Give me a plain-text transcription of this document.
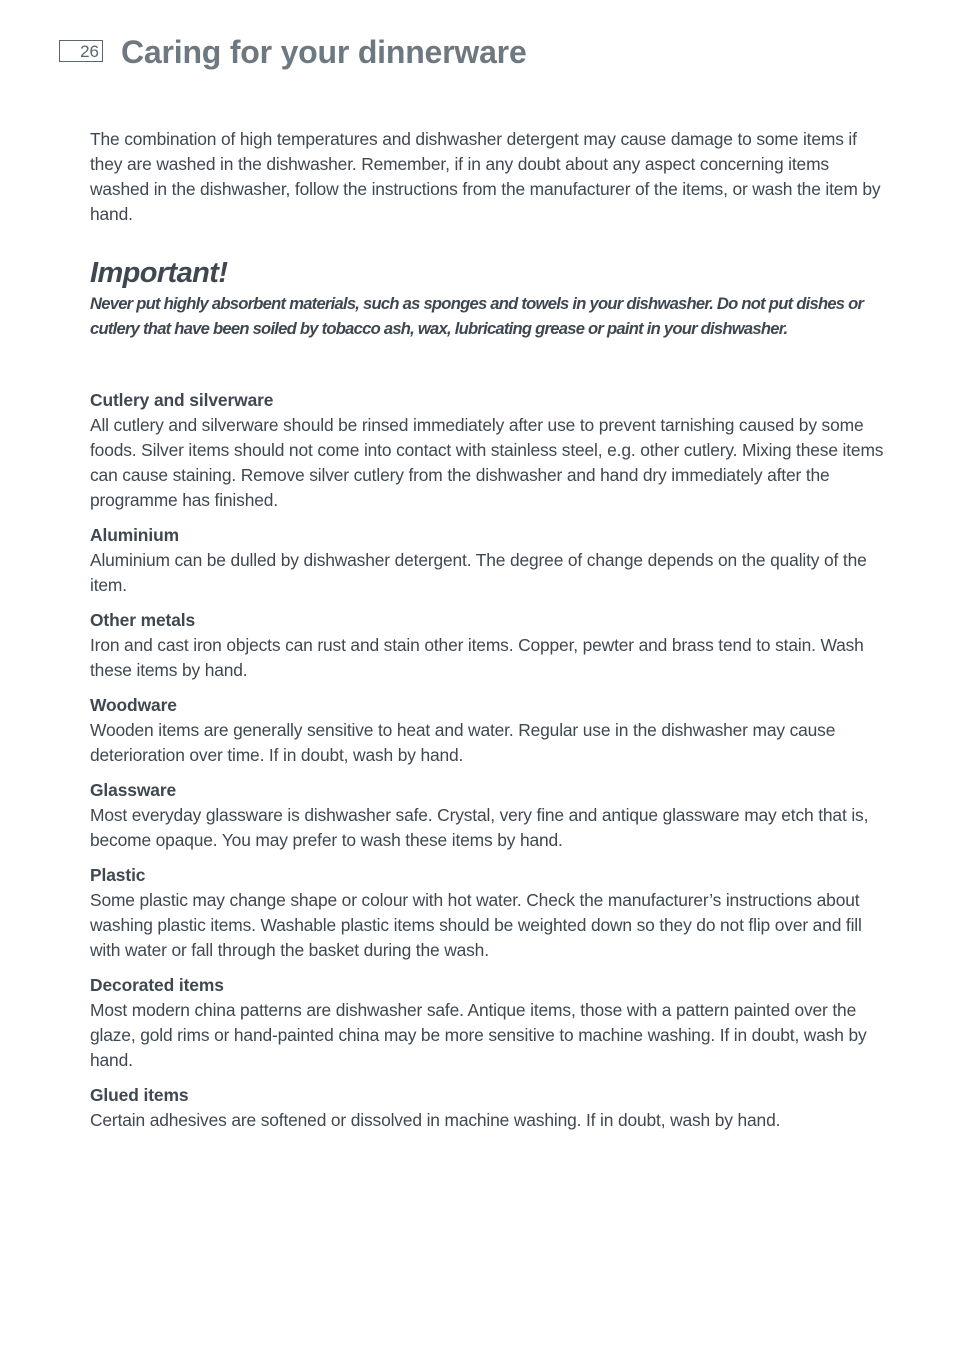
26 Caring for your dinnerware

The combination of high temperatures and dishwasher detergent may cause damage to some items if they are washed in the dishwasher. Remember, if in any doubt about any aspect concerning items washed in the dishwasher, follow the instructions from the manufacturer of the items, or wash the item by hand.

Important!

Never put highly absorbent materials, such as sponges and towels in your dishwasher. Do not put dishes or cutlery that have been soiled by tobacco ash, wax, lubricating grease or paint in your dishwasher.

Cutlery and silverware

All cutlery and silverware should be rinsed immediately after use to prevent tarnishing caused by some foods. Silver items should not come into contact with stainless steel, e.g. other cutlery. Mixing these items can cause staining. Remove silver cutlery from the dishwasher and hand dry immediately after the programme has finished.

Aluminium

Aluminium can be dulled by dishwasher detergent. The degree of change depends on the quality of the item.

Other metals

Iron and cast iron objects can rust and stain other items. Copper, pewter and brass tend to stain. Wash these items by hand.

Woodware

Wooden items are generally sensitive to heat and water. Regular use in the dishwasher may cause deterioration over time. If in doubt, wash by hand.

Glassware

Most everyday glassware is dishwasher safe. Crystal, very fine and antique glassware may etch that is, become opaque. You may prefer to wash these items by hand.

Plastic

Some plastic may change shape or colour with hot water. Check the manufacturer’s instructions about washing plastic items. Washable plastic items should be weighted down so they do not flip over and fill with water or fall through the basket during the wash.

Decorated items

Most modern china patterns are dishwasher safe. Antique items, those with a pattern painted over the glaze, gold rims or hand-painted china may be more sensitive to machine washing. If in doubt, wash by hand.

Glued items

Certain adhesives are softened or dissolved in machine washing. If in doubt, wash by hand.
